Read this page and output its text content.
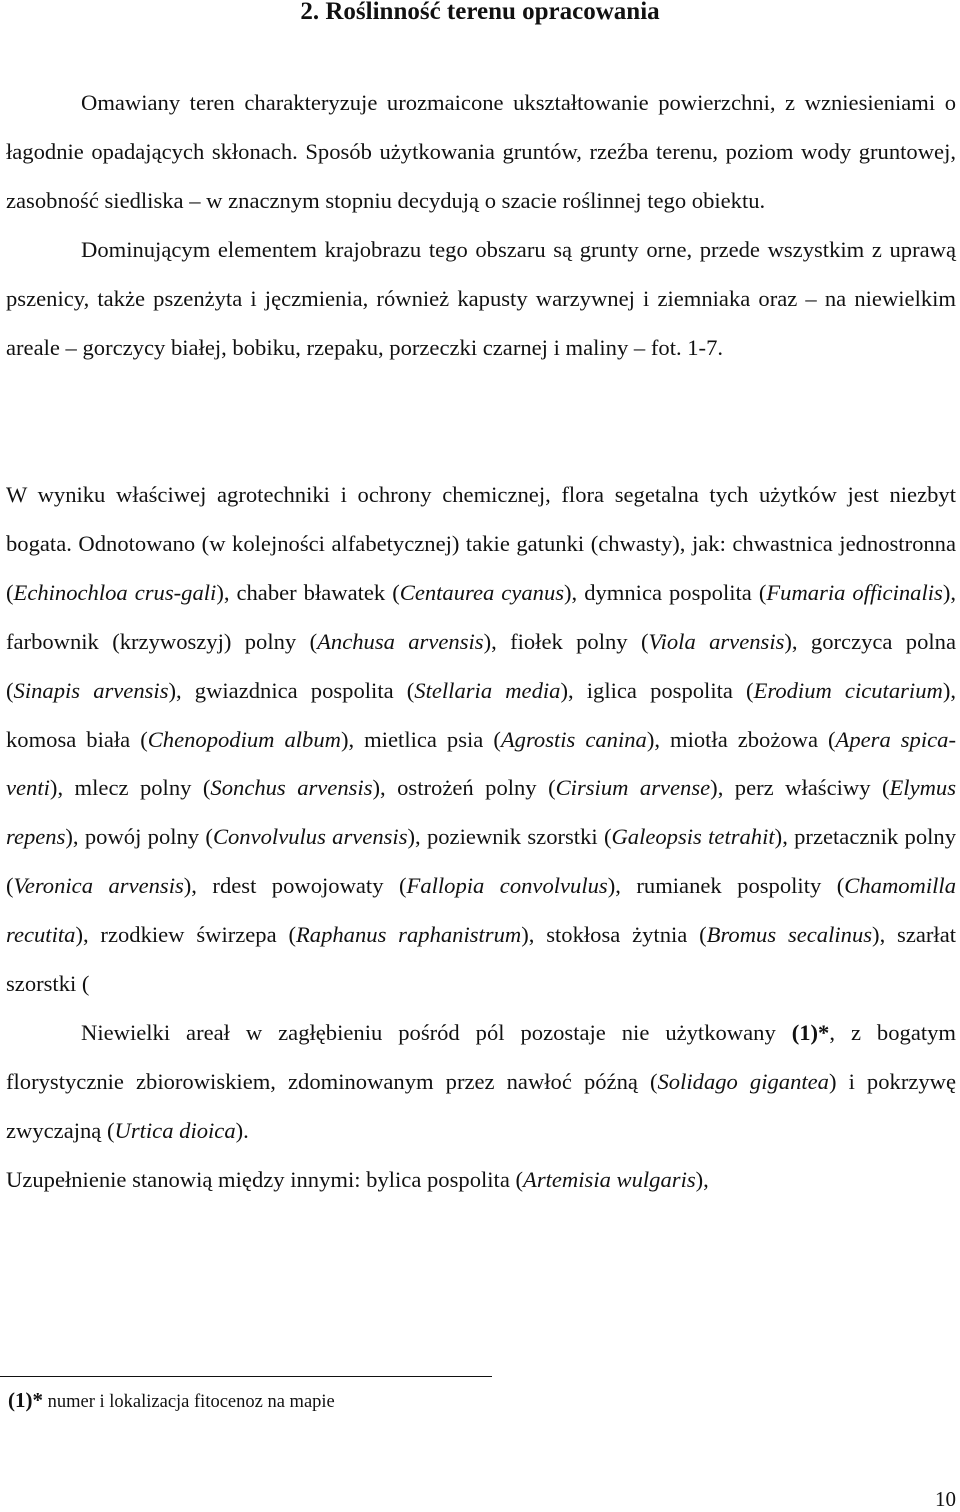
2. Roślinność terenu opracowania

Omawiany teren charakteryzuje urozmaicone ukształtowanie powierzchni, z wzniesieniami o łagodnie opadających skłonach. Sposób użytkowania gruntów, rzeźba terenu, poziom wody gruntowej, zasobność siedliska – w znacznym stopniu decydują o szacie roślinnej tego obiektu.

Dominującym elementem krajobrazu tego obszaru są grunty orne, przede wszystkim z uprawą pszenicy, także pszenżyta i jęczmienia, również kapusty warzywnej i ziemniaka oraz – na niewielkim areale – gorczycy białej, bobiku, rzepaku, porzeczki czarnej i maliny – fot. 1-7.

W wyniku właściwej agrotechniki i ochrony chemicznej, flora segetalna tych użytków jest niezbyt bogata. Odnotowano (w kolejności alfabetycznej) takie gatunki (chwasty), jak: chwastnica jednostronna (Echinochloa crus-gali), chaber bławatek (Centaurea cyanus), dymnica pospolita (Fumaria officinalis), farbownik (krzywoszyj) polny (Anchusa arvensis), fiołek polny (Viola arvensis), gorczyca polna (Sinapis arvensis), gwiazdnica pospolita (Stellaria media), iglica pospolita (Erodium cicutarium), komosa biała (Chenopodium album), mietlica psia (Agrostis canina), miotła zbożowa (Apera spica-venti), mlecz polny (Sonchus arvensis), ostrożeń polny (Cirsium arvense), perz właściwy (Elymus repens), powój polny (Convolvulus arvensis), poziewnik szorstki (Galeopsis tetrahit), przetacznik polny (Veronica arvensis), rdest powojowaty (Fallopia convolvulus), rumianek pospolity (Chamomilla recutita), rzodkiew świrzepa (Raphanus raphanistrum), stokłosa żytnia (Bromus secalinus), szarłat szorstki (

Niewielki areał w zagłębieniu pośród pól pozostaje nie użytkowany (1)*, z bogatym florystycznie zbiorowiskiem, zdominowanym przez nawłoć późną (Solidago gigantea) i pokrzywę zwyczajną (Urtica dioica).

Uzupełnienie stanowią między innymi: bylica pospolita (Artemisia wulgaris),

(1)* numer i lokalizacja fitocenoz na mapie
10
